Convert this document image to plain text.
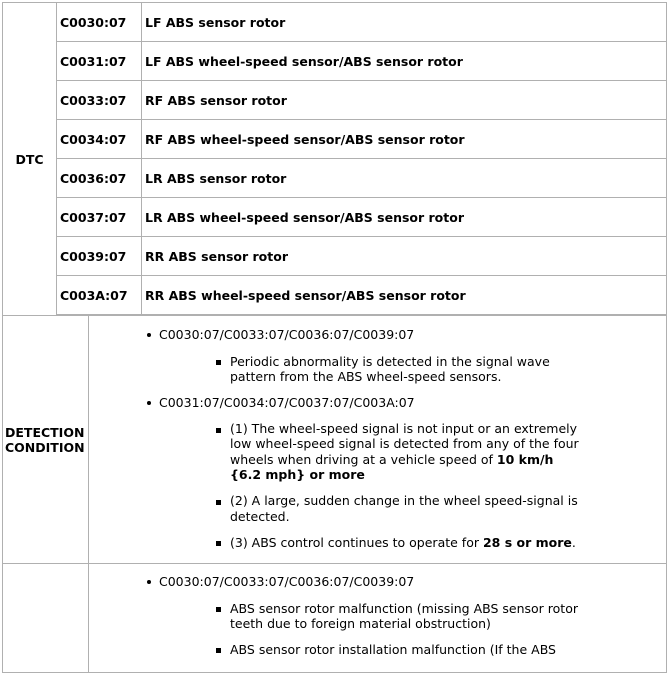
DTC
C0030:07 LF ABS sensor rotor
C0031:07 LF ABS wheel-speed sensor/ABS sensor rotor
C0033:07 RF ABS sensor rotor
C0034:07 RF ABS wheel-speed sensor/ABS sensor rotor
C0036:07 LR ABS sensor rotor
C0037:07 LR ABS wheel-speed sensor/ABS sensor rotor
C0039:07 RR ABS sensor rotor
C003A:07 RR ABS wheel-speed sensor/ABS sensor rotor
DETECTION
CONDITION
C0030:07/C0033:07/C0036:07/C0039:07
Periodic abnormality is detected in the signal wave
pattern from the ABS wheel-speed sensors.
C0031:07/C0034:07/C0037:07/C003A:07
(1) The wheel-speed signal is not input or an extremely
low wheel-speed signal is detected from any of the four
wheels when driving at a vehicle speed of 10 km/h
{6.2 mph} or more
(2) A large, sudden change in the wheel speed-signal is
detected.
(3) ABS control continues to operate for 28 s or more.
C0030:07/C0033:07/C0036:07/C0039:07
ABS sensor rotor malfunction (missing ABS sensor rotor
teeth due to foreign material obstruction)
ABS sensor rotor installation malfunction (If the ABS
